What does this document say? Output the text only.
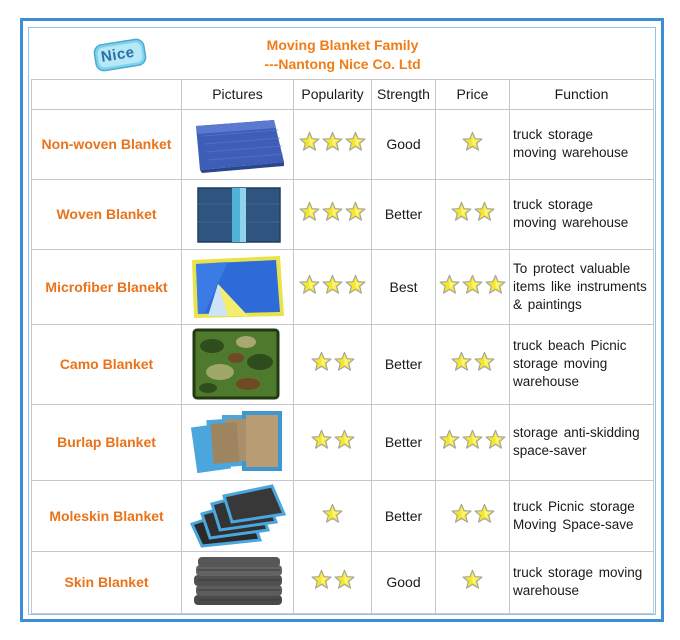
Nice Moving Blanket Family
---Nantong Nice Co. Ltd					

	Pictures	Popularity	Strength	Price	Function
Non-woven Blanket			Good		truck storage
moving warehouse

Woven Blanket			Better		truck storage
moving warehouse

Microfiber Blanekt			Best		To protect valuable
items like instruments
& paintings

Camo Blanket			Better		truck beach Picnic
storage moving
warehouse

Burlap Blanket			Better		storage anti-skidding
space-saver

Moleskin Blanket			Better		truck Picnic storage
Moving Space-save

Skin Blanket			Good		truck storage moving
warehouse
